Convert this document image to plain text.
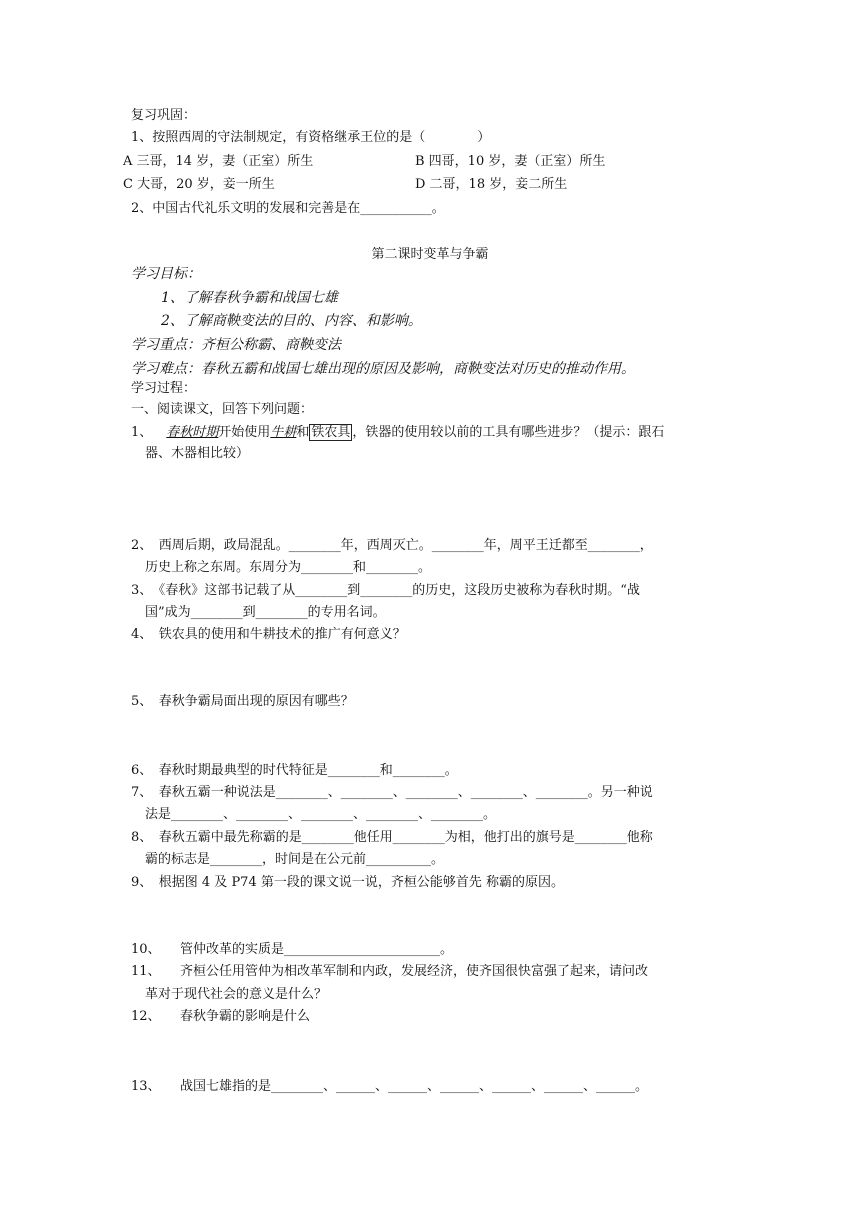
复习巩固：
1、按照西周的守法制规定，有资格继承王位的是（　　　　）
A 三哥，14 岁，妻（正室）所生	B 四哥，10 岁，妻（正室）所生
C 大哥，20 岁，妾一所生	D 二哥，18 岁，妾二所生
2、中国古代礼乐文明的发展和完善是在___________。
第二课时变革与争霸
学习目标：
1、了解春秋争霸和战国七雄
2、了解商鞅变法的目的、内容、和影响。
学习重点：齐桓公称霸、商鞅变法
学习难点：春秋五霸和战国七雄出现的原因及影响，商鞅变法对历史的推动作用。
学习过程：
一、阅读课文，回答下列问题：
1、 春秋时期开始使用牛耕和 铁农具 ，铁器的使用较以前的工具有哪些进步？（提示：跟石
器、木器相比较）
2、　西周后期，政局混乱。________年，西周灭亡。________年，周平王迁都至________，
历史上称之东周。东周分为________和________。
3、　《春秋》这部书记载了从________到________的历史，这段历史被称为春秋时期。“战
国”成为________到________的专用名词。
4、　铁农具的使用和牛耕技术的推广有何意义？
5、　春秋争霸局面出现的原因有哪些？
6、　春秋时期最典型的时代特征是________和________。
7、　春秋五霸一种说法是________、________、________、________、________。另一种说
法是________、________、________、________、________。
8、　春秋五霸中最先称霸的是________他任用________为相，他打出的旗号是________他称
霸的标志是________，时间是在公元前__________。
9、　根据图 4 及 P74 第一段的课文说一说，齐桓公能够首先 称霸的原因。
10、　　管仲改革的实质是________________________。
11、　　齐桓公任用管仲为相改革军制和内政，发展经济，使齐国很快富强了起来，请问改
革对于现代社会的意义是什么？
12、　　春秋争霸的影响是什么
13、　　战国七雄指的是________、______、______、______、______、______、______。
